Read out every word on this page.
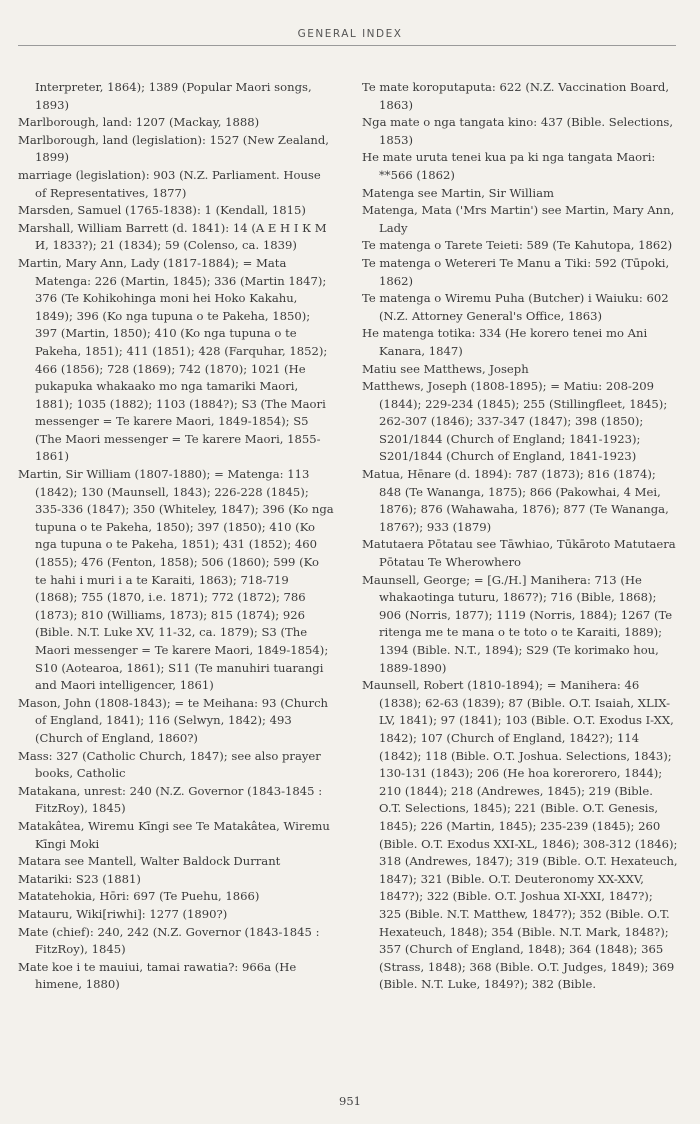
GENERAL INDEX

Interpreter, 1864); 1389 (Popular Maori songs, 1893)

Marlborough, land: 1207 (Mackay, 1888)

Marlborough, land (legislation): 1527 (New Zealand, 1899)

marriage (legislation): 903 (N.Z. Parliament. House of Representatives, 1877)

Marsden, Samuel (1765-1838): 1 (Kendall, 1815)

Marshall, William Barrett (d. 1841): 14 (A E H I К М И, 1833?); 21 (1834); 59 (Colenso, ca. 1839)

Martin, Mary Ann, Lady (1817-1884); = Mata Matenga: 226 (Martin, 1845); 336 (Martin 1847); 376 (Te Kohikohinga moni hei Hoko Kakahu, 1849); 396 (Ko nga tupuna o te Pakeha, 1850); 397 (Martin, 1850); 410 (Ko nga tupuna o te Pakeha, 1851); 411 (1851); 428 (Farquhar, 1852); 466 (1856); 728 (1869); 742 (1870); 1021 (He pukapuka whakaako mo nga tamariki Maori, 1881); 1035 (1882); 1103 (1884?); S3 (The Maori messenger = Te karere Maori, 1849-1854); S5 (The Maori messenger = Te karere Maori, 1855-1861)

Martin, Sir William (1807-1880); = Matenga: 113 (1842); 130 (Maunsell, 1843); 226-228 (1845); 335-336 (1847); 350 (Whiteley, 1847); 396 (Ko nga tupuna o te Pakeha, 1850); 397 (1850); 410 (Ko nga tupuna o te Pakeha, 1851); 431 (1852); 460 (1855); 476 (Fenton, 1858); 506 (1860); 599 (Ko te hahi i muri i a te Karaiti, 1863); 718-719 (1868); 755 (1870, i.e. 1871); 772 (1872); 786 (1873); 810 (Williams, 1873); 815 (1874); 926 (Bible. N.T. Luke XV, 11-32, ca. 1879); S3 (The Maori messenger = Te karere Maori, 1849-1854); S10 (Aotearoa, 1861); S11 (Te manuhiri tuarangi and Maori intelligencer, 1861)

Mason, John (1808-1843); = te Meihana: 93 (Church of England, 1841); 116 (Selwyn, 1842); 493 (Church of England, 1860?)

Mass: 327 (Catholic Church, 1847); see also prayer books, Catholic

Matakana, unrest: 240 (N.Z. Governor (1843-1845 : FitzRoy), 1845)

Matakâtea, Wiremu Kīngi see Te Matakâtea, Wiremu Kīngi Moki

Matara see Mantell, Walter Baldock Durrant

Matariki: S23 (1881)

Matatehokia, Hōri: 697 (Te Puehu, 1866)

Matauru, Wiki[riwhi]: 1277 (1890?)

Mate (chief): 240, 242 (N.Z. Governor (1843-1845 : FitzRoy), 1845)

Mate koe i te mauiui, tamai rawatia?: 966a (He himene, 1880)

Te mate koroputaputa: 622 (N.Z. Vaccination Board, 1863)

Nga mate o nga tangata kino: 437 (Bible. Selections, 1853)

He mate uruta tenei kua pa ki nga tangata Maori: **566 (1862)

Matenga see Martin, Sir William

Matenga, Mata ('Mrs Martin') see Martin, Mary Ann, Lady

Te matenga o Tarete Teieti: 589 (Te Kahutopa, 1862)

Te matenga o Wetereri Te Manu a Tiki: 592 (Tūpoki, 1862)

Te matenga o Wiremu Puha (Butcher) i Waiuku: 602 (N.Z. Attorney General's Office, 1863)

He matenga totika: 334 (He korero tenei mo Ani Kanara, 1847)

Matiu see Matthews, Joseph

Matthews, Joseph (1808-1895); = Matiu: 208-209 (1844); 229-234 (1845); 255 (Stillingfleet, 1845); 262-307 (1846); 337-347 (1847); 398 (1850); S201/1844 (Church of England; 1841-1923); S201/1844 (Church of England, 1841-1923)

Matua, Hēnare (d. 1894): 787 (1873); 816 (1874); 848 (Te Wananga, 1875); 866 (Pakowhai, 4 Mei, 1876); 876 (Wahawaha, 1876); 877 (Te Wananga, 1876?); 933 (1879)

Matutaera Pōtatau see Tāwhiao, Tūkāroto Matutaera Pōtatau Te Wherowhero

Maunsell, George; = [G./H.] Manihera: 713 (He whakaotinga tuturu, 1867?); 716 (Bible, 1868); 906 (Norris, 1877); 1119 (Norris, 1884); 1267 (Te ritenga me te mana o te toto o te Karaiti, 1889); 1394 (Bible. N.T., 1894); S29 (Te korimako hou, 1889-1890)

Maunsell, Robert (1810-1894); = Manihera: 46 (1838); 62-63 (1839); 87 (Bible. O.T. Isaiah, XLIX-LV, 1841); 97 (1841); 103 (Bible. O.T. Exodus I-XX, 1842); 107 (Church of England, 1842?); 114 (1842); 118 (Bible. O.T. Joshua. Selections, 1843); 130-131 (1843); 206 (He hoa korerorero, 1844); 210 (1844); 218 (Andrewes, 1845); 219 (Bible. O.T. Selections, 1845); 221 (Bible. O.T. Genesis, 1845); 226 (Martin, 1845); 235-239 (1845); 260 (Bible. O.T. Exodus XXI-XL, 1846); 308-312 (1846); 318 (Andrewes, 1847); 319 (Bible. O.T. Hexateuch, 1847); 321 (Bible. O.T. Deuteronomy XX-XXV, 1847?); 322 (Bible. O.T. Joshua XI-XXI, 1847?); 325 (Bible. N.T. Matthew, 1847?); 352 (Bible. O.T. Hexateuch, 1848); 354 (Bible. N.T. Mark, 1848?); 357 (Church of England, 1848); 364 (1848); 365 (Strass, 1848); 368 (Bible. O.T. Judges, 1849); 369 (Bible. N.T. Luke, 1849?); 382 (Bible.

951
